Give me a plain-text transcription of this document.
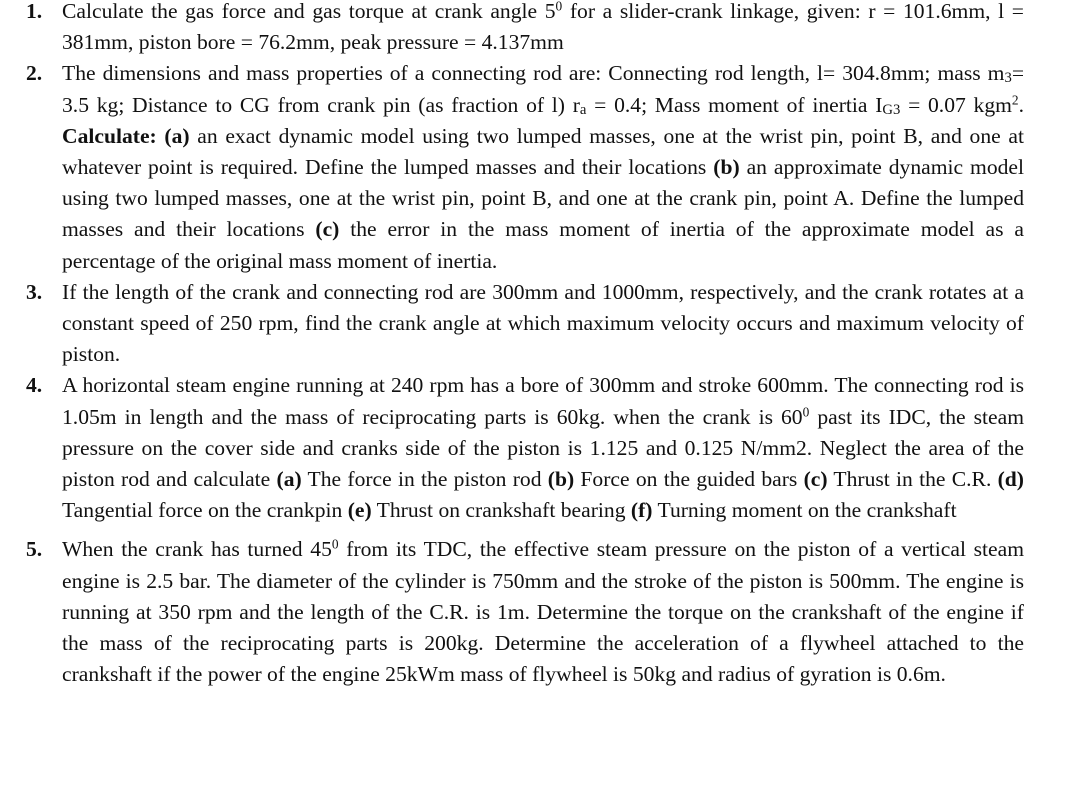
1. Calculate the gas force and gas torque at crank angle $5^0$ for a slider-crank linkage, given: r = 101.6mm, l = 381mm, piston bore = 76.2mm, peak pressure = 4.137mm
2. The dimensions and mass properties of a connecting rod are: Connecting rod length, l= 304.8mm; mass $m_3= 3.5$ kg; Distance to CG from crank pin (as fraction of l) $r_a = 0.4$; Mass moment of inertia $I_{G3} = 0.07$ kgm$^2$. Calculate: (a) an exact dynamic model using two lumped masses, one at the wrist pin, point B, and one at whatever point is required. Define the lumped masses and their locations (b) an approximate dynamic model using two lumped masses, one at the wrist pin, point B, and one at the crank pin, point A. Define the lumped masses and their locations (c) the error in the mass moment of inertia of the approximate model as a percentage of the original mass moment of inertia.
3. If the length of the crank and connecting rod are 300mm and 1000mm, respectively, and the crank rotates at a constant speed of 250 rpm, find the crank angle at which maximum velocity occurs and maximum velocity of piston.
4. A horizontal steam engine running at 240 rpm has a bore of 300mm and stroke 600mm. The connecting rod is 1.05m in length and the mass of reciprocating parts is 60kg. when the crank is $60^0$ past its IDC, the steam pressure on the cover side and cranks side of the piston is 1.125 and 0.125 N/mm2. Neglect the area of the piston rod and calculate (a) The force in the piston rod (b) Force on the guided bars (c) Thrust in the C.R. (d) Tangential force on the crankpin (e) Thrust on crankshaft bearing (f) Turning moment on the crankshaft
5. When the crank has turned $45^0$ from its TDC, the effective steam pressure on the piston of a vertical steam engine is 2.5 bar. The diameter of the cylinder is 750mm and the stroke of the piston is 500mm. The engine is running at 350 rpm and the length of the C.R. is 1m. Determine the torque on the crankshaft of the engine if the mass of the reciprocating parts is 200kg. Determine the acceleration of a flywheel attached to the crankshaft if the power of the engine 25kWm mass of flywheel is 50kg and radius of gyration is 0.6m.
